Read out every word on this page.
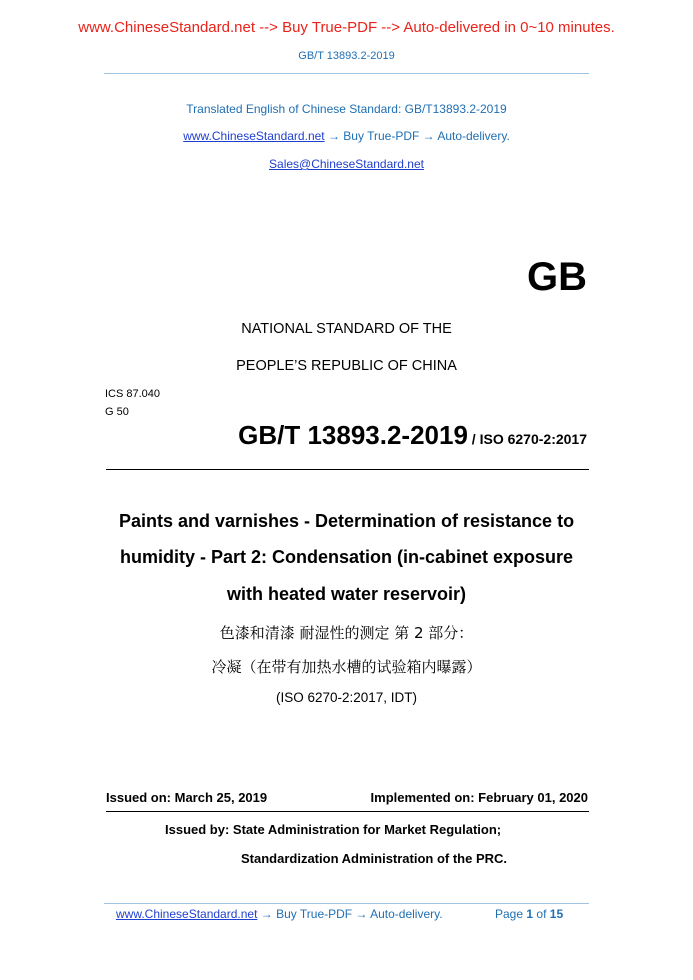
www.ChineseStandard.net --> Buy True-PDF --> Auto-delivered in 0~10 minutes.
GB/T 13893.2-2019
Translated English of Chinese Standard: GB/T13893.2-2019
www.ChineseStandard.net → Buy True-PDF → Auto-delivery.
Sales@ChineseStandard.net
GB
NATIONAL STANDARD OF THE
PEOPLE’S REPUBLIC OF CHINA
ICS 87.040
G 50
GB/T 13893.2-2019 / ISO 6270-2:2017
Paints and varnishes - Determination of resistance to
humidity - Part 2: Condensation (in-cabinet exposure
with heated water reservoir)
色漆和清漆 耐湿性的测定 第 2 部分：
冷凝（在带有加热水槽的试验箱内曝露）
(ISO 6270-2:2017, IDT)
Issued on: March 25, 2019	Implemented on: February 01, 2020
Issued by: State Administration for Market Regulation;
Standardization Administration of the PRC.
www.ChineseStandard.net → Buy True-PDF → Auto-delivery.	Page 1 of 15
